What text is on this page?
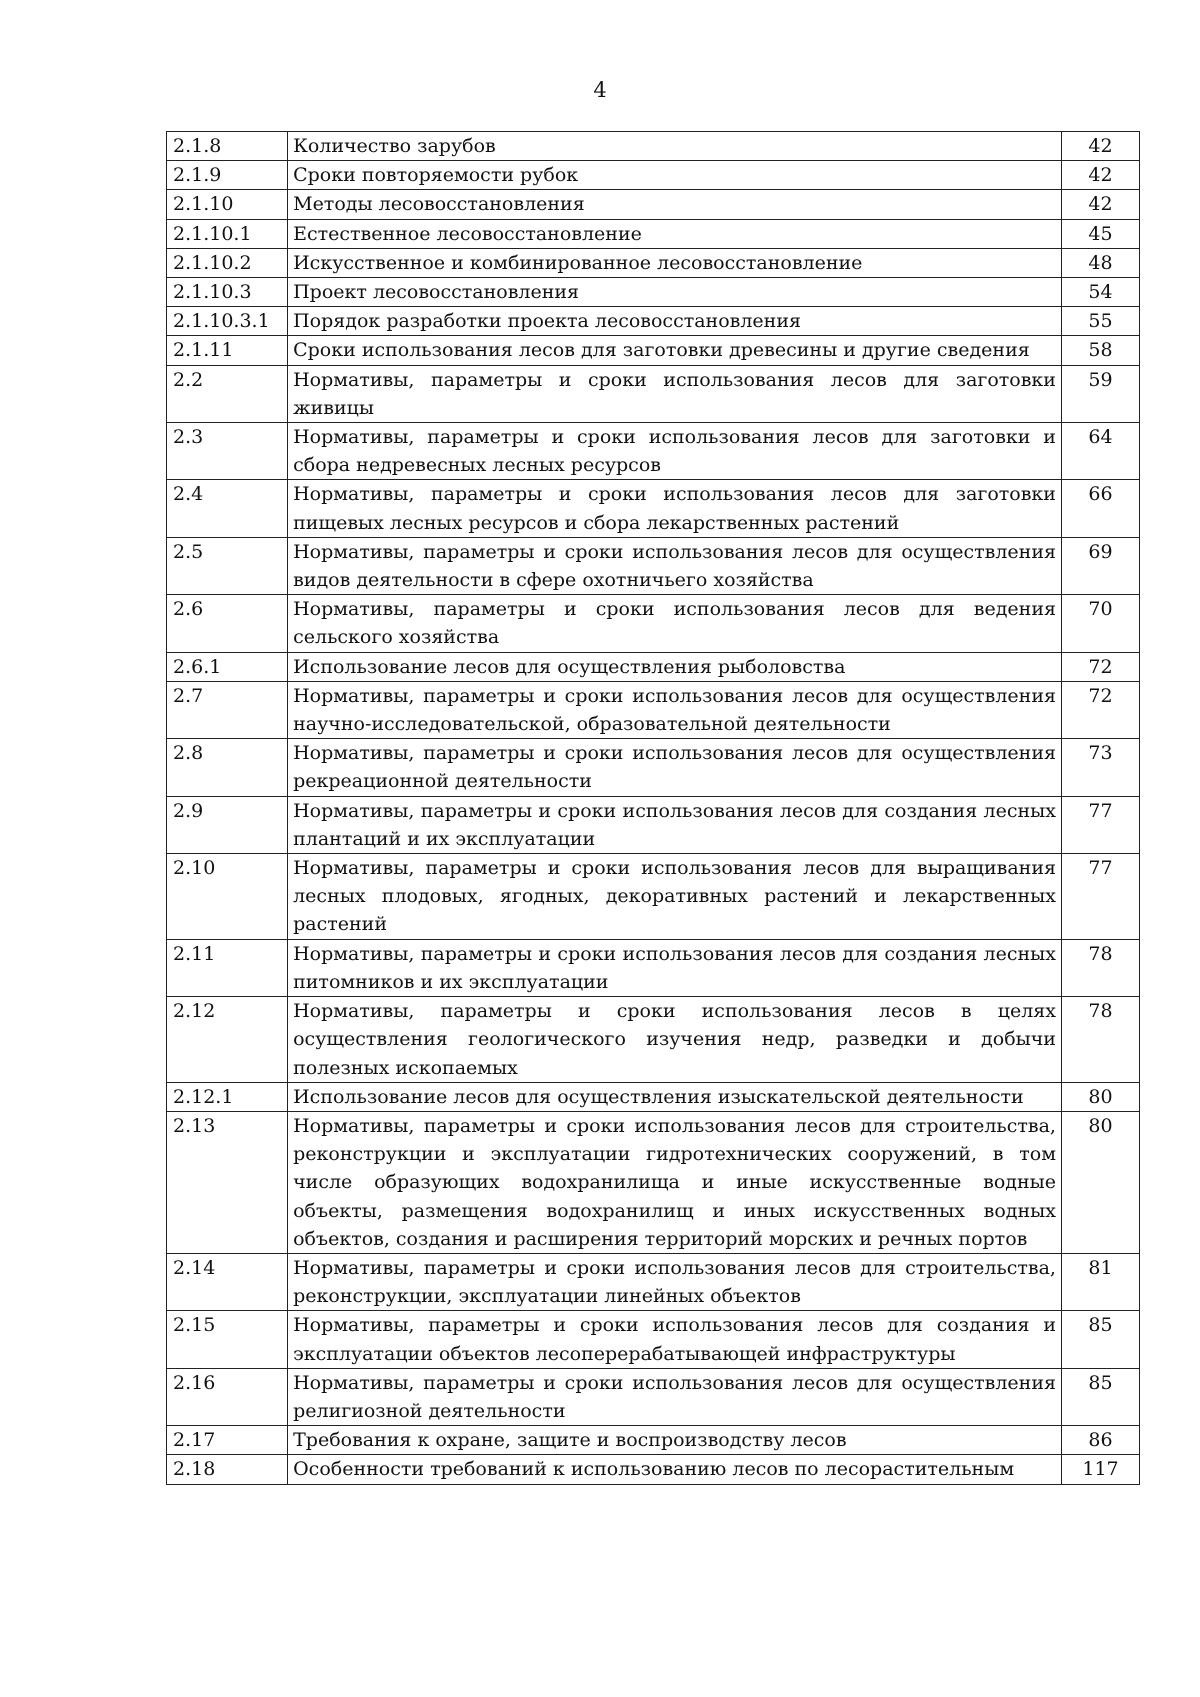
4
2.1.8	Количество зарубов	42
2.1.9	Сроки повторяемости рубок	42
2.1.10	Методы лесовосстановления	42
2.1.10.1	Естественное лесовосстановление	45
2.1.10.2	Искусственное и комбинированное лесовосстановление	48
2.1.10.3	Проект лесовосстановления	54
2.1.10.3.1	Порядок разработки проекта лесовосстановления	55
2.1.11	Сроки использования лесов для заготовки древесины и другие сведения	58
2.2	Нормативы, параметры и сроки использования лесов для заготовки живицы	59
2.3	Нормативы, параметры и сроки использования лесов для заготовки и сбора недревесных лесных ресурсов	64
2.4	Нормативы, параметры и сроки использования лесов для заготовки пищевых лесных ресурсов и сбора лекарственных растений	66
2.5	Нормативы, параметры и сроки использования лесов для осуществления видов деятельности в сфере охотничьего хозяйства	69
2.6	Нормативы, параметры и сроки использования лесов для ведения сельского хозяйства	70
2.6.1	Использование лесов для осуществления рыболовства	72
2.7	Нормативы, параметры и сроки использования лесов для осуществления научно-исследовательской, образовательной деятельности	72
2.8	Нормативы, параметры и сроки использования лесов для осуществления рекреационной деятельности	73
2.9	Нормативы, параметры и сроки использования лесов для создания лесных плантаций и их эксплуатации	77
2.10	Нормативы, параметры и сроки использования лесов для выращивания лесных плодовых, ягодных, декоративных растений и лекарственных растений	77
2.11	Нормативы, параметры и сроки использования лесов для создания лесных питомников и их эксплуатации	78
2.12	Нормативы, параметры и сроки использования лесов в целях осуществления геологического изучения недр, разведки и добычи полезных ископаемых	78
2.12.1	Использование лесов для осуществления изыскательской деятельности	80
2.13	Нормативы, параметры и сроки использования лесов для строительства, реконструкции и эксплуатации гидротехнических сооружений, в том числе образующих водохранилища и иные искусственные водные объекты, размещения водохранилищ и иных искусственных водных объектов, создания и расширения территорий морских и речных портов	80
2.14	Нормативы, параметры и сроки использования лесов для строительства, реконструкции, эксплуатации линейных объектов	81
2.15	Нормативы, параметры и сроки использования лесов для создания и эксплуатации объектов лесоперерабатывающей инфраструктуры	85
2.16	Нормативы, параметры и сроки использования лесов для осуществления религиозной деятельности	85
2.17	Требования к охране, защите и воспроизводству лесов	86
2.18	Особенности требований к использованию лесов по лесорастительным	117
